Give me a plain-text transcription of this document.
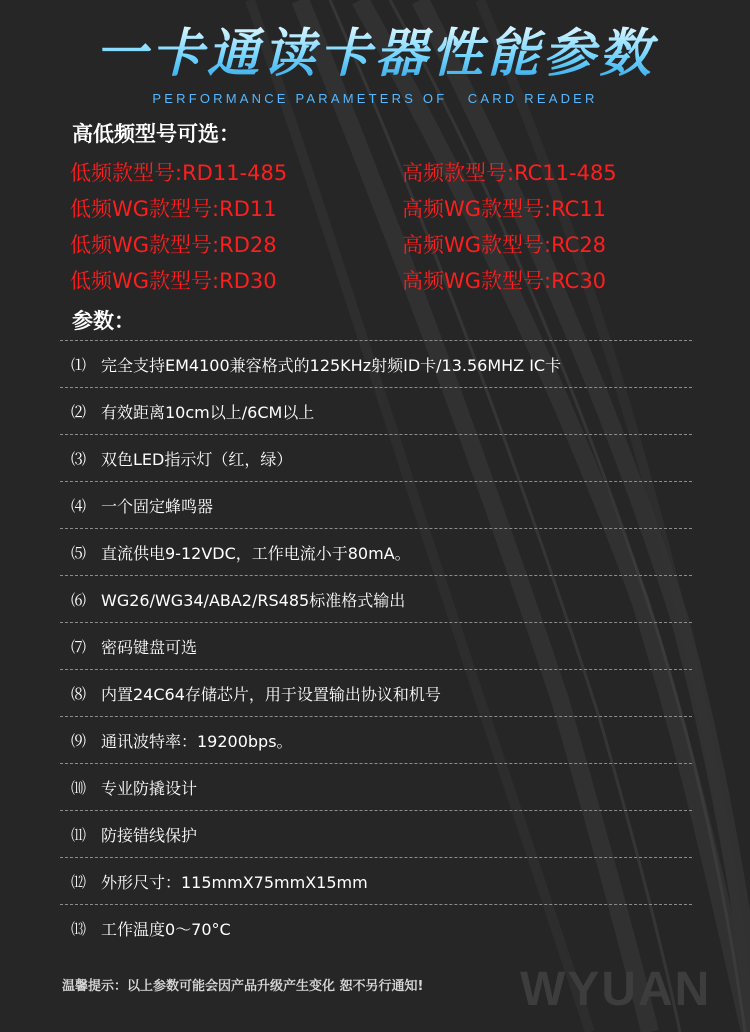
一卡通读卡器性能参数
PERFORMANCE PARAMETERS OF   CARD READER
高低频型号可选：
低频款型号:RD11-485	高频款型号:RC11-485
低频WG款型号:RD11	高频WG款型号:RC11
低频WG款型号:RD28	高频WG款型号:RC28
低频WG款型号:RD30	高频WG款型号:RC30
参数：
⑴ 完全支持EM4100兼容格式的125KHz射频ID卡/13.56MHZ IC卡
⑵ 有效距离10cm以上/6CM以上
⑶ 双色LED指示灯（红，绿）
⑷ 一个固定蜂鸣器
⑸ 直流供电9-12VDC，工作电流小于80mA。
⑹ WG26/WG34/ABA2/RS485标准格式输出
⑺ 密码键盘可选
⑻ 内置24C64存储芯片，用于设置输出协议和机号
⑼ 通讯波特率：19200bps。
⑽ 专业防撬设计
⑾ 防接错线保护
⑿ 外形尺寸：115mmX75mmX15mm
⒀ 工作温度0～70°C
WYUAN
温馨提示：以上参数可能会因产品升级产生变化 恕不另行通知!
